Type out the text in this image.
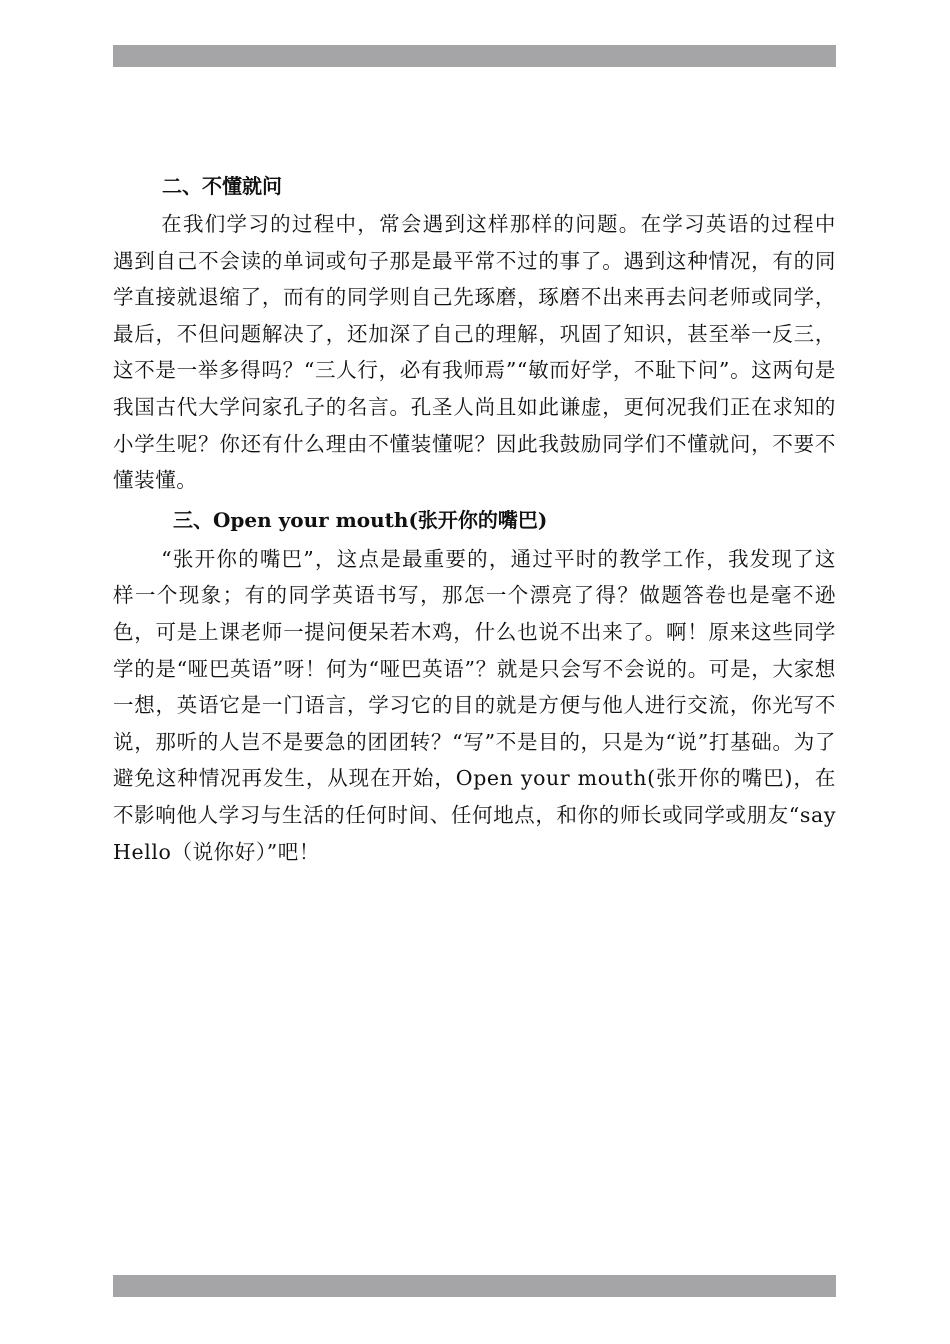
二、不懂就问

在我们学习的过程中，常会遇到这样那样的问题。在学习英语的过程中遇到自己不会读的单词或句子那是最平常不过的事了。遇到这种情况，有的同学直接就退缩了，而有的同学则自己先琢磨，琢磨不出来再去问老师或同学，最后，不但问题解决了，还加深了自己的理解，巩固了知识，甚至举一反三，这不是一举多得吗？“三人行，必有我师焉”“敏而好学，不耻下问”。这两句是我国古代大学问家孔子的名言。孔圣人尚且如此谦虚，更何况我们正在求知的小学生呢？你还有什么理由不懂装懂呢？因此我鼓励同学们不懂就问，不要不懂装懂。

三、Open your mouth(张开你的嘴巴)

“张开你的嘴巴”，这点是最重要的，通过平时的教学工作，我发现了这样一个现象；有的同学英语书写，那怎一个漂亮了得？做题答卷也是毫不逊色，可是上课老师一提问便呆若木鸡，什么也说不出来了。啊！原来这些同学学的是“哑巴英语”呀！何为“哑巴英语”？就是只会写不会说的。可是，大家想一想，英语它是一门语言，学习它的目的就是方便与他人进行交流，你光写不说，那听的人岂不是要急的团团转？“写”不是目的，只是为“说”打基础。为了避免这种情况再发生，从现在开始，Open your mouth(张开你的嘴巴)，在不影响他人学习与生活的任何时间、任何地点，和你的师长或同学或朋友“say Hello（说你好）”吧！
